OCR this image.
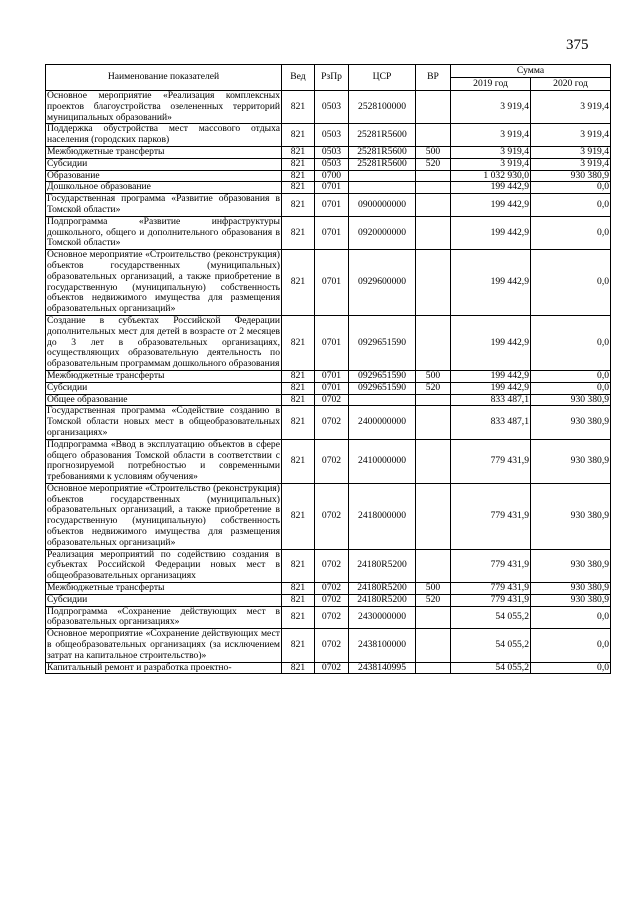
375
Наименование показателей	Вед	РзПр	ЦСР	ВР	Сумма	
					2019 год	2020 год
Основное мероприятие «Реализация комплексных проектов благоустройства озелененных территорий муниципальных образований»	821	0503	2528100000		3 919,4	3 919,4
Поддержка обустройства мест массового отдыха населения (городских парков)	821	0503	25281R5600		3 919,4	3 919,4
Межбюджетные трансферты	821	0503	25281R5600	500	3 919,4	3 919,4
Субсидии	821	0503	25281R5600	520	3 919,4	3 919,4
Образование	821	0700			1 032 930,0	930 380,9
Дошкольное образование	821	0701			199 442,9	0,0
Государственная программа «Развитие образования в Томской области»	821	0701	0900000000		199 442,9	0,0
Подпрограмма «Развитие инфраструктуры дошкольного, общего и дополнительного образования в Томской области»	821	0701	0920000000		199 442,9	0,0
Основное мероприятие «Строительство (реконструкция) объектов государственных (муниципальных) образовательных организаций, а также приобретение в государственную (муниципальную) собственность объектов недвижимого имущества для размещения образовательных организаций»	821	0701	0929600000		199 442,9	0,0
Создание в субъектах Российской Федерации дополнительных мест для детей в возрасте от 2 месяцев до 3 лет в образовательных организациях, осуществляющих образовательную деятельность по образовательным программам дошкольного образования	821	0701	0929651590		199 442,9	0,0
Межбюджетные трансферты	821	0701	0929651590	500	199 442,9	0,0
Субсидии	821	0701	0929651590	520	199 442,9	0,0
Общее образование	821	0702			833 487,1	930 380,9
Государственная программа «Содействие созданию в Томской области новых мест в общеобразовательных организациях»	821	0702	2400000000		833 487,1	930 380,9
Подпрограмма «Ввод в эксплуатацию объектов в сфере общего образования Томской области в соответствии с прогнозируемой потребностью и современными требованиями к условиям обучения»	821	0702	2410000000		779 431,9	930 380,9
Основное мероприятие «Строительство (реконструкция) объектов государственных (муниципальных) образовательных организаций, а также приобретение в государственную (муниципальную) собственность объектов недвижимого имущества для размещения образовательных организаций»	821	0702	2418000000		779 431,9	930 380,9
Реализация мероприятий по содействию создания в субъектах Российской Федерации новых мест в общеобразовательных организациях	821	0702	24180R5200		779 431,9	930 380,9
Межбюджетные трансферты	821	0702	24180R5200	500	779 431,9	930 380,9
Субсидии	821	0702	24180R5200	520	779 431,9	930 380,9
Подпрограмма «Сохранение действующих мест в образовательных организациях»	821	0702	2430000000		54 055,2	0,0
Основное мероприятие «Сохранение действующих мест в общеобразовательных организациях (за исключением затрат на капитальное строительство)»	821	0702	2438100000		54 055,2	0,0
Капитальный ремонт и разработка проектно-	821	0702	2438140995		54 055,2	0,0
